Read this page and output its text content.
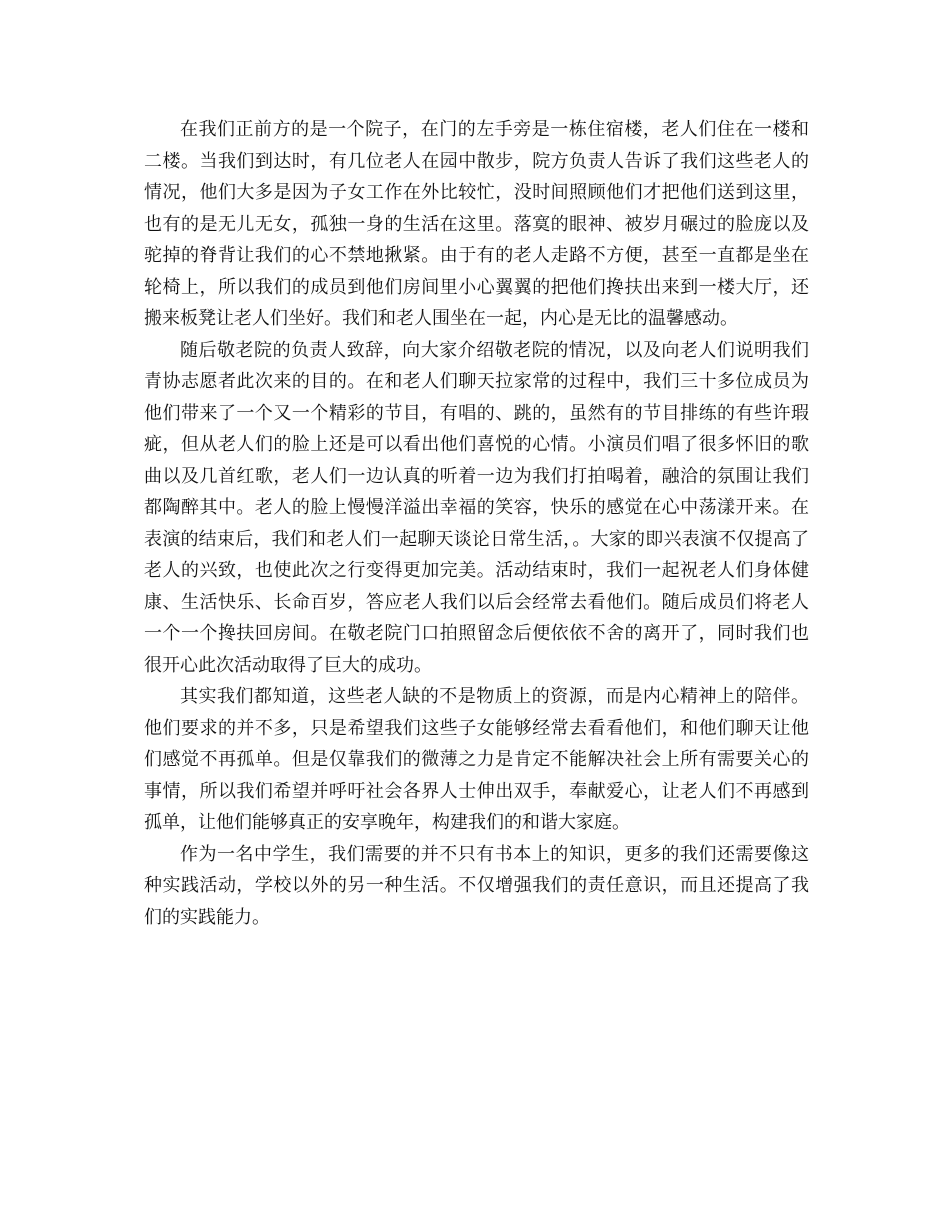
在我们正前方的是一个院子，在门的左手旁是一栋住宿楼，老人们住在一楼和二楼。当我们到达时，有几位老人在园中散步，院方负责人告诉了我们这些老人的情况，他们大多是因为子女工作在外比较忙，没时间照顾他们才把他们送到这里，也有的是无儿无女，孤独一身的生活在这里。落寞的眼神、被岁月碾过的脸庞以及驼掉的脊背让我们的心不禁地揪紧。由于有的老人走路不方便，甚至一直都是坐在轮椅上，所以我们的成员到他们房间里小心翼翼的把他们搀扶出来到一楼大厅，还搬来板凳让老人们坐好。我们和老人围坐在一起，内心是无比的温馨感动。

随后敬老院的负责人致辞，向大家介绍敬老院的情况，以及向老人们说明我们青协志愿者此次来的目的。在和老人们聊天拉家常的过程中，我们三十多位成员为他们带来了一个又一个精彩的节目，有唱的、跳的，虽然有的节目排练的有些许瑕疵，但从老人们的脸上还是可以看出他们喜悦的心情。小演员们唱了很多怀旧的歌曲以及几首红歌，老人们一边认真的听着一边为我们打拍喝着，融洽的氛围让我们都陶醉其中。老人的脸上慢慢洋溢出幸福的笑容，快乐的感觉在心中荡漾开来。在表演的结束后，我们和老人们一起聊天谈论日常生活，。大家的即兴表演不仅提高了老人的兴致，也使此次之行变得更加完美。活动结束时，我们一起祝老人们身体健康、生活快乐、长命百岁，答应老人我们以后会经常去看他们。随后成员们将老人一个一个搀扶回房间。在敬老院门口拍照留念后便依依不舍的离开了，同时我们也很开心此次活动取得了巨大的成功。

其实我们都知道，这些老人缺的不是物质上的资源，而是内心精神上的陪伴。他们要求的并不多，只是希望我们这些子女能够经常去看看他们，和他们聊天让他们感觉不再孤单。但是仅靠我们的微薄之力是肯定不能解决社会上所有需要关心的事情，所以我们希望并呼吁社会各界人士伸出双手，奉献爱心，让老人们不再感到孤单，让他们能够真正的安享晚年，构建我们的和谐大家庭。

作为一名中学生，我们需要的并不只有书本上的知识，更多的我们还需要像这种实践活动，学校以外的另一种生活。不仅增强我们的责任意识，而且还提高了我们的实践能力。
